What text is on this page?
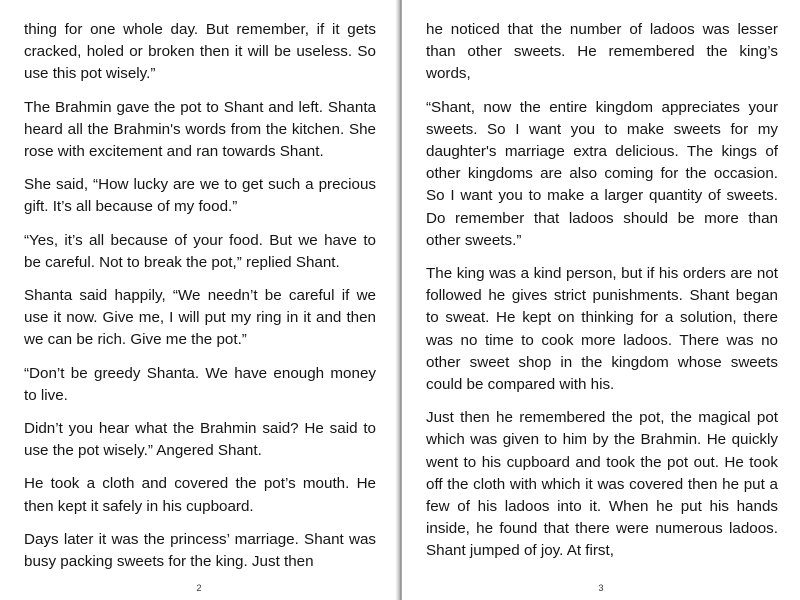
thing for one whole day. But remember, if it gets cracked, holed or broken then it will be useless. So use this pot wisely.”

The Brahmin gave the pot to Shant and left. Shanta heard all the Brahmin's words from the kitchen. She rose with excitement and ran towards Shant.

She said, “How lucky are we to get such a precious gift. It’s all because of my food.”

“Yes, it’s all because of your food. But we have to be careful. Not to break the pot,” replied Shant.

Shanta said happily, “We needn’t be careful if we use it now. Give me, I will put my ring in it and then we can be rich. Give me the pot.”

“Don’t be greedy Shanta. We have enough money to live.

Didn’t you hear what the Brahmin said? He said to use the pot wisely.” Angered Shant.

He took a cloth and covered the pot’s mouth. He then kept it safely in his cupboard.

Days later it was the princess’ marriage. Shant was busy packing sweets for the king. Just then

2

he noticed that the number of ladoos was lesser than other sweets. He remembered the king’s words,

“Shant, now the entire kingdom appreciates your sweets. So I want you to make sweets for my daughter's marriage extra delicious. The kings of other kingdoms are also coming for the occasion. So I want you to make a larger quantity of sweets. Do remember that ladoos should be more than other sweets.”

The king was a kind person, but if his orders are not followed he gives strict punishments. Shant began to sweat. He kept on thinking for a solution, there was no time to cook more ladoos. There was no other sweet shop in the kingdom whose sweets could be compared with his.

Just then he remembered the pot, the magical pot which was given to him by the Brahmin. He quickly went to his cupboard and took the pot out. He took off the cloth with which it was covered then he put a few of his ladoos into it. When he put his hands inside, he found that there were numerous ladoos. Shant jumped of joy. At first,

3
